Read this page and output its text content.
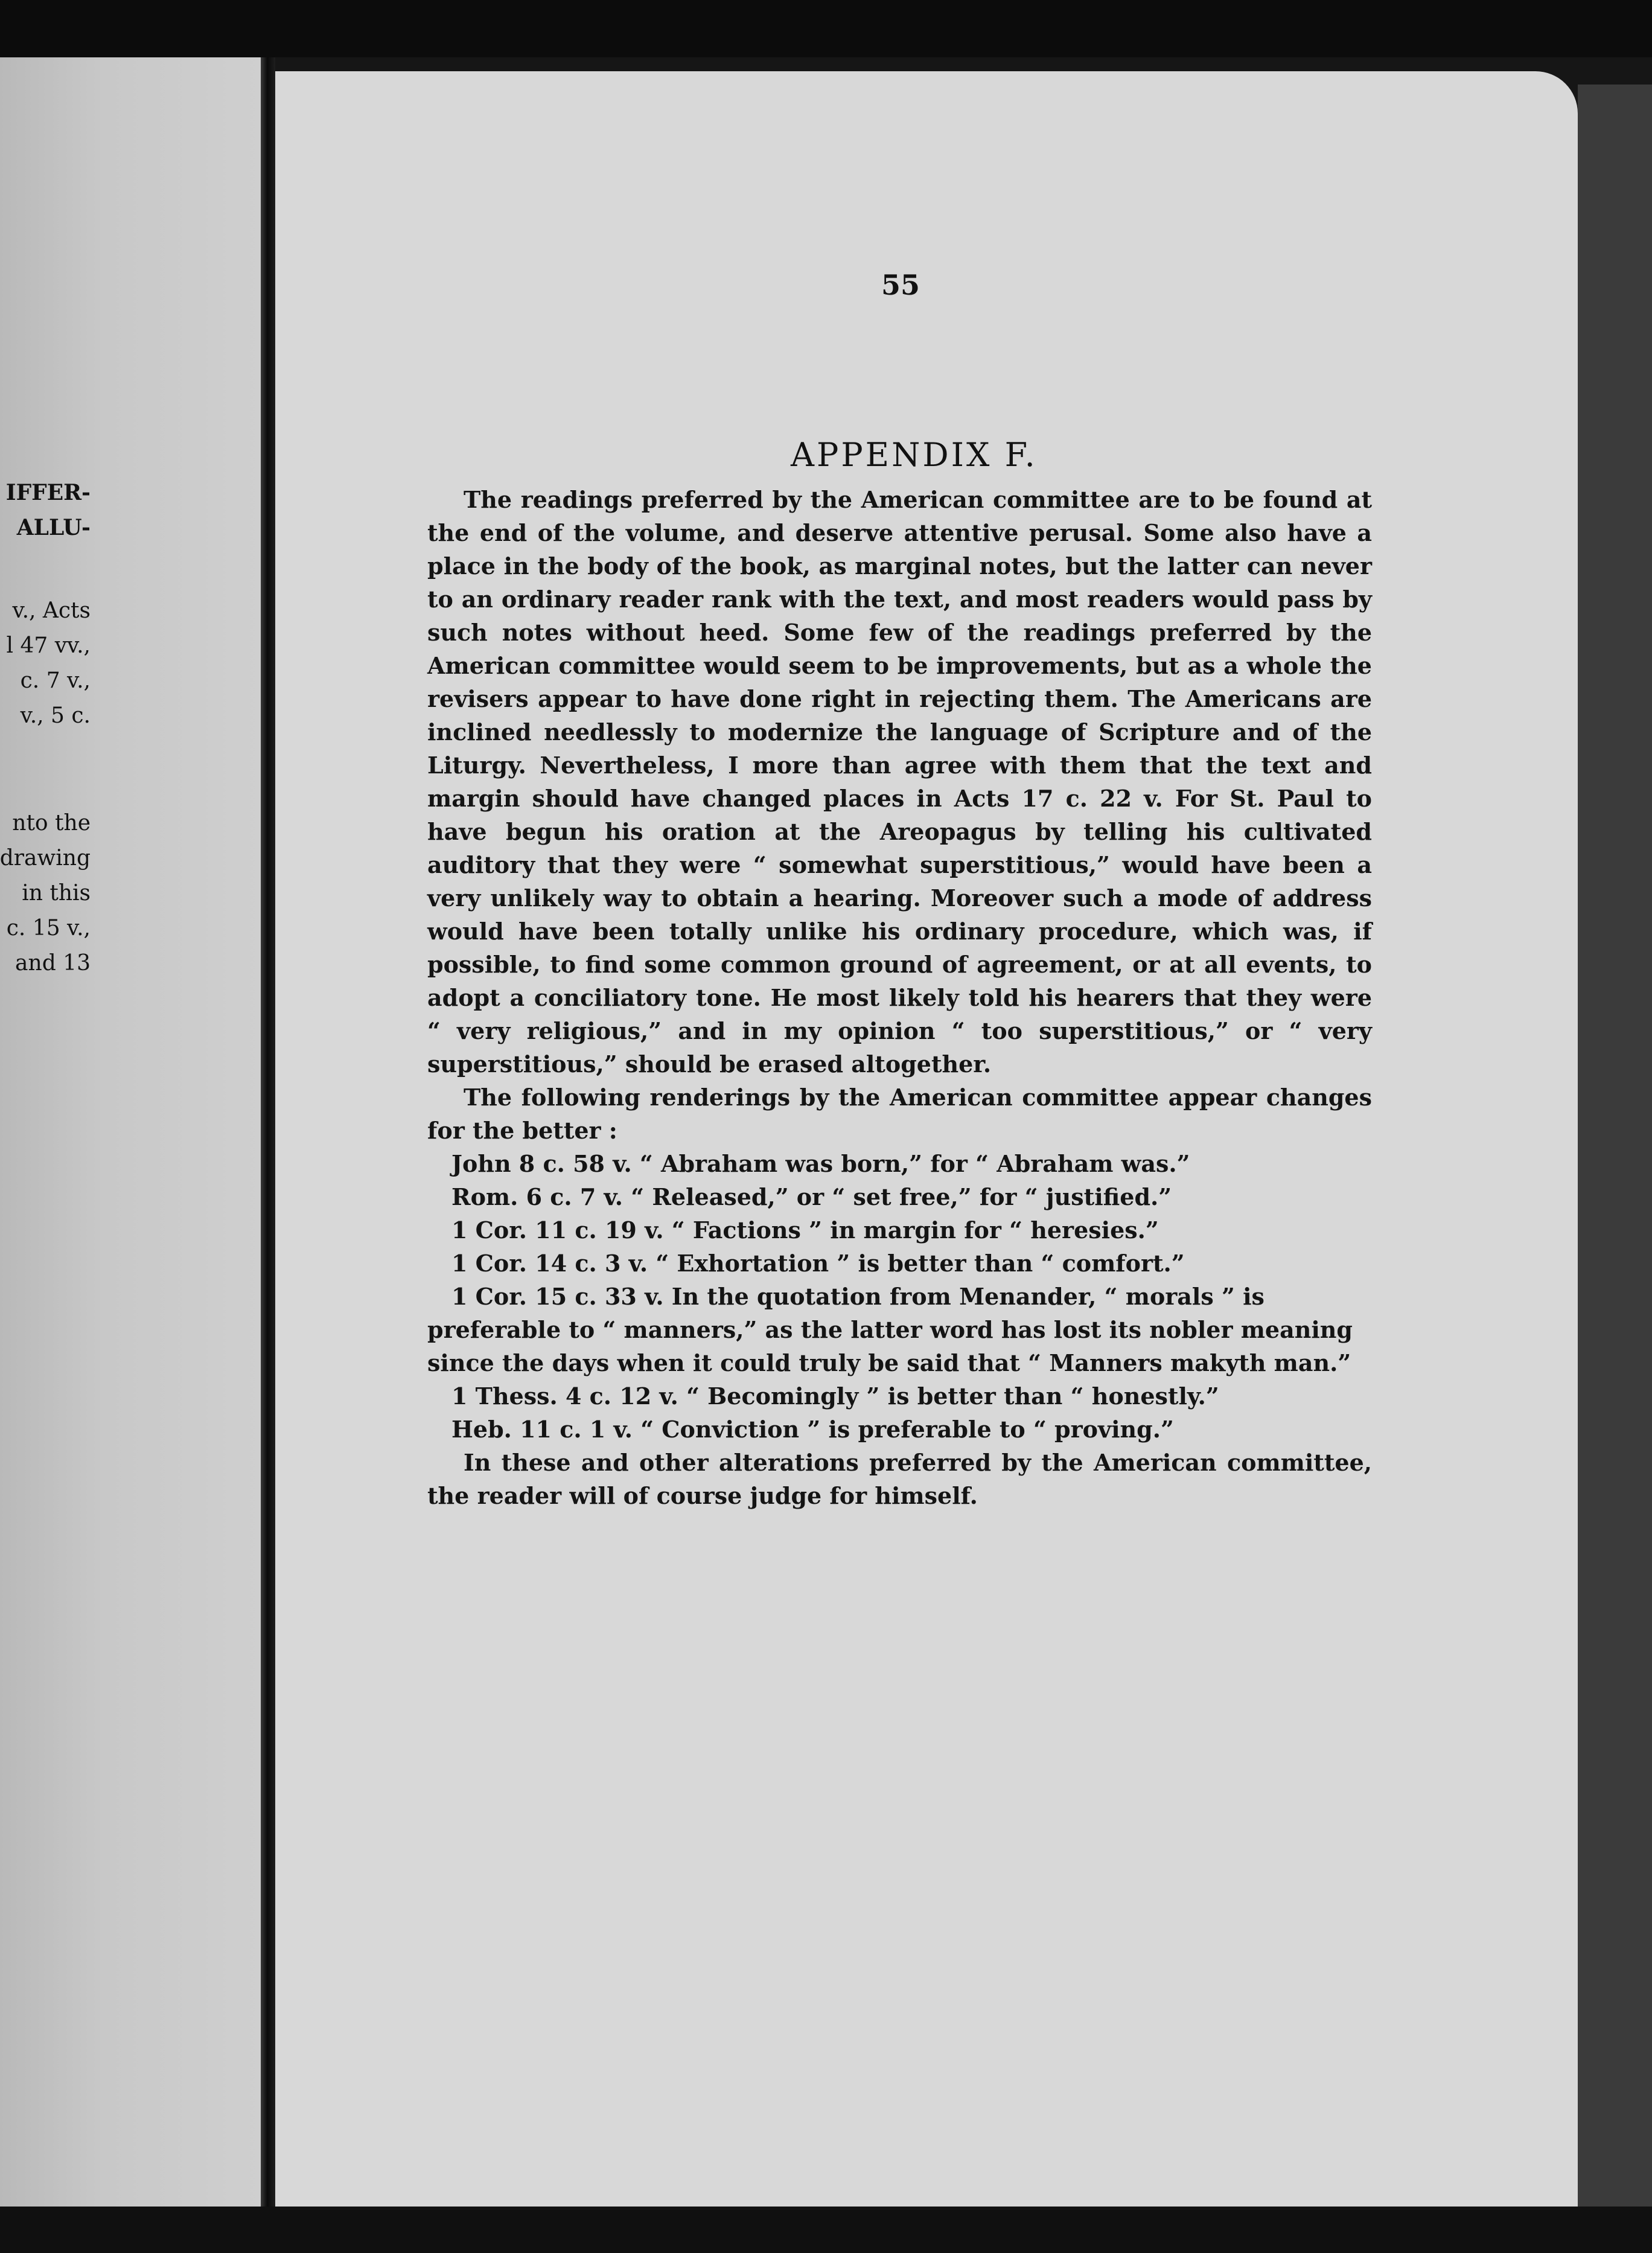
IFFER-
ALLU-
v., Acts
l 47 vv.,
c. 7 v.,
v., 5 c.
nto the
drawing
in this
c. 15 v.,
and 13
55
APPENDIX F.

The readings preferred by the American committee are to be found at the end of the volume, and deserve attentive perusal. Some also have a place in the body of the book, as marginal notes, but the latter can never to an ordinary reader rank with the text, and most readers would pass by such notes without heed. Some few of the readings preferred by the American committee would seem to be improvements, but as a whole the revisers appear to have done right in rejecting them. The Americans are inclined needlessly to modernize the language of Scripture and of the Liturgy. Nevertheless, I more than agree with them that the text and margin should have changed places in Acts 17 c. 22 v. For St. Paul to have begun his oration at the Areopagus by telling his cultivated auditory that they were “ somewhat superstitious,” would have been a very unlikely way to obtain a hearing. Moreover such a mode of address would have been totally unlike his ordinary procedure, which was, if possible, to find some common ground of agreement, or at all events, to adopt a conciliatory tone. He most likely told his hearers that they were “ very religious,” and in my opinion “ too superstitious,” or “ very superstitious,” should be erased altogether.

The following renderings by the American committee appear changes for the better :

John 8 c. 58 v. “ Abraham was born,” for “ Abraham was.”

Rom. 6 c. 7 v. “ Released,” or “ set free,” for “ justified.”

1 Cor. 11 c. 19 v. “ Factions ” in margin for “ heresies.”

1 Cor. 14 c. 3 v. “ Exhortation ” is better than “ comfort.”

1 Cor. 15 c. 33 v. In the quotation from Menander, “ morals ” is preferable to “ manners,” as the latter word has lost its nobler meaning since the days when it could truly be said that “ Manners makyth man.”

1 Thess. 4 c. 12 v. “ Becomingly ” is better than “ honestly.”

Heb. 11 c. 1 v. “ Conviction ” is preferable to “ proving.”

In these and other alterations preferred by the American committee, the reader will of course judge for himself.
